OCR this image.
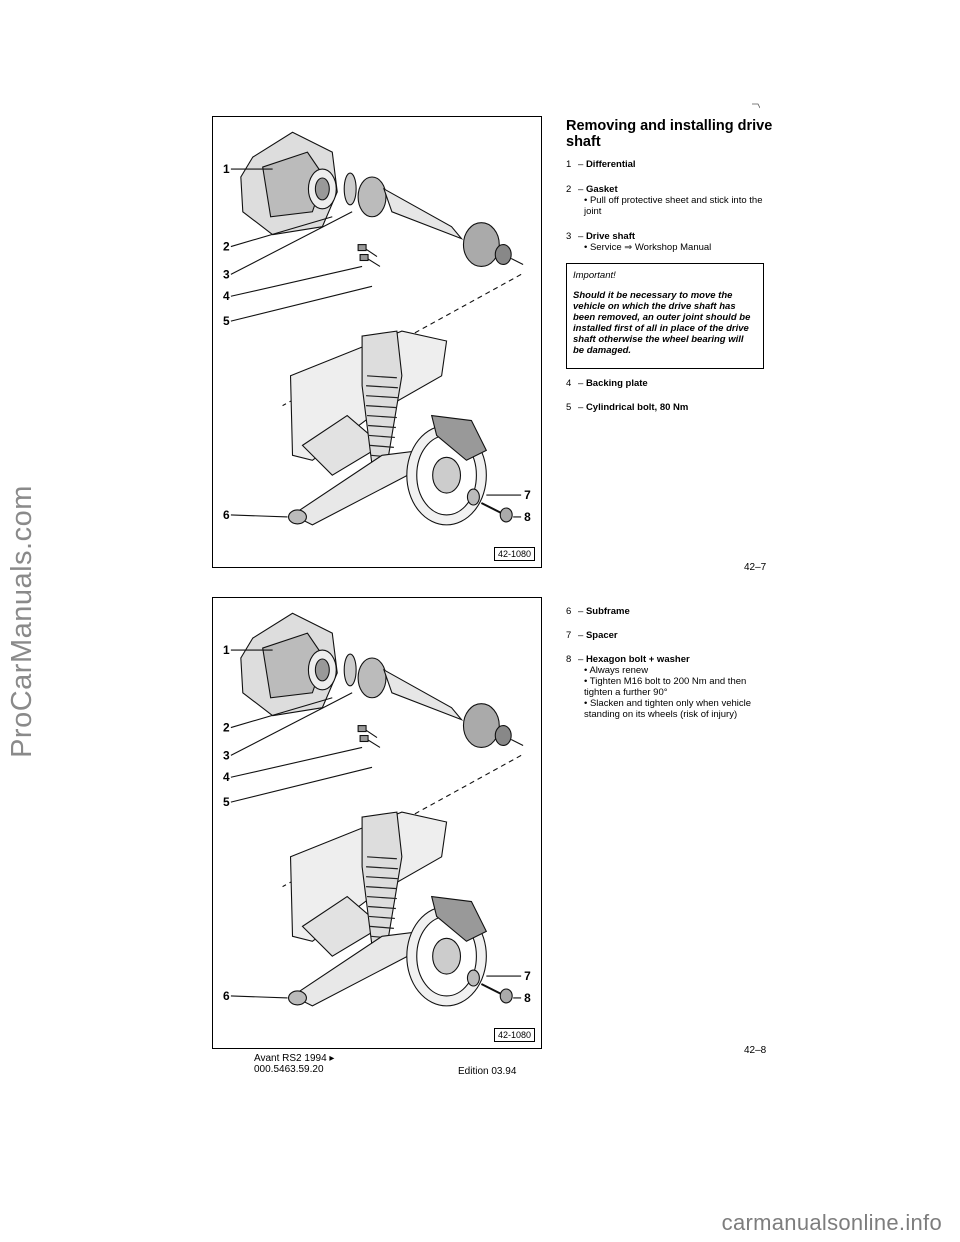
ProCarManuals.com
1
2
3
4
5
6
7
8
42-1080
1
2
3
4
5
6
7
8
42-1080
Removing and installing drive shaft
1 – Differential
2 – Gasket
• Pull off protective sheet and stick into the joint
3 – Drive shaft
• Service ⇒ Workshop Manual
Important!
Should it be necessary to move the vehicle on which the drive shaft has been removed, an outer joint should be installed first of all in place of the drive shaft otherwise the wheel bearing will be damaged.
4 – Backing plate
5 – Cylindrical bolt, 80 Nm
42–7
6 – Subframe
7 – Spacer
8 – Hexagon bolt + washer
• Always renew
• Tighten M16 bolt to 200 Nm and then tighten a further 90°
• Slacken and tighten only when vehicle standing on its wheels (risk of injury)
42–8
Avant RS2 1994 ▸
000.5463.59.20	Edition 03.94
carmanualsonline.info
